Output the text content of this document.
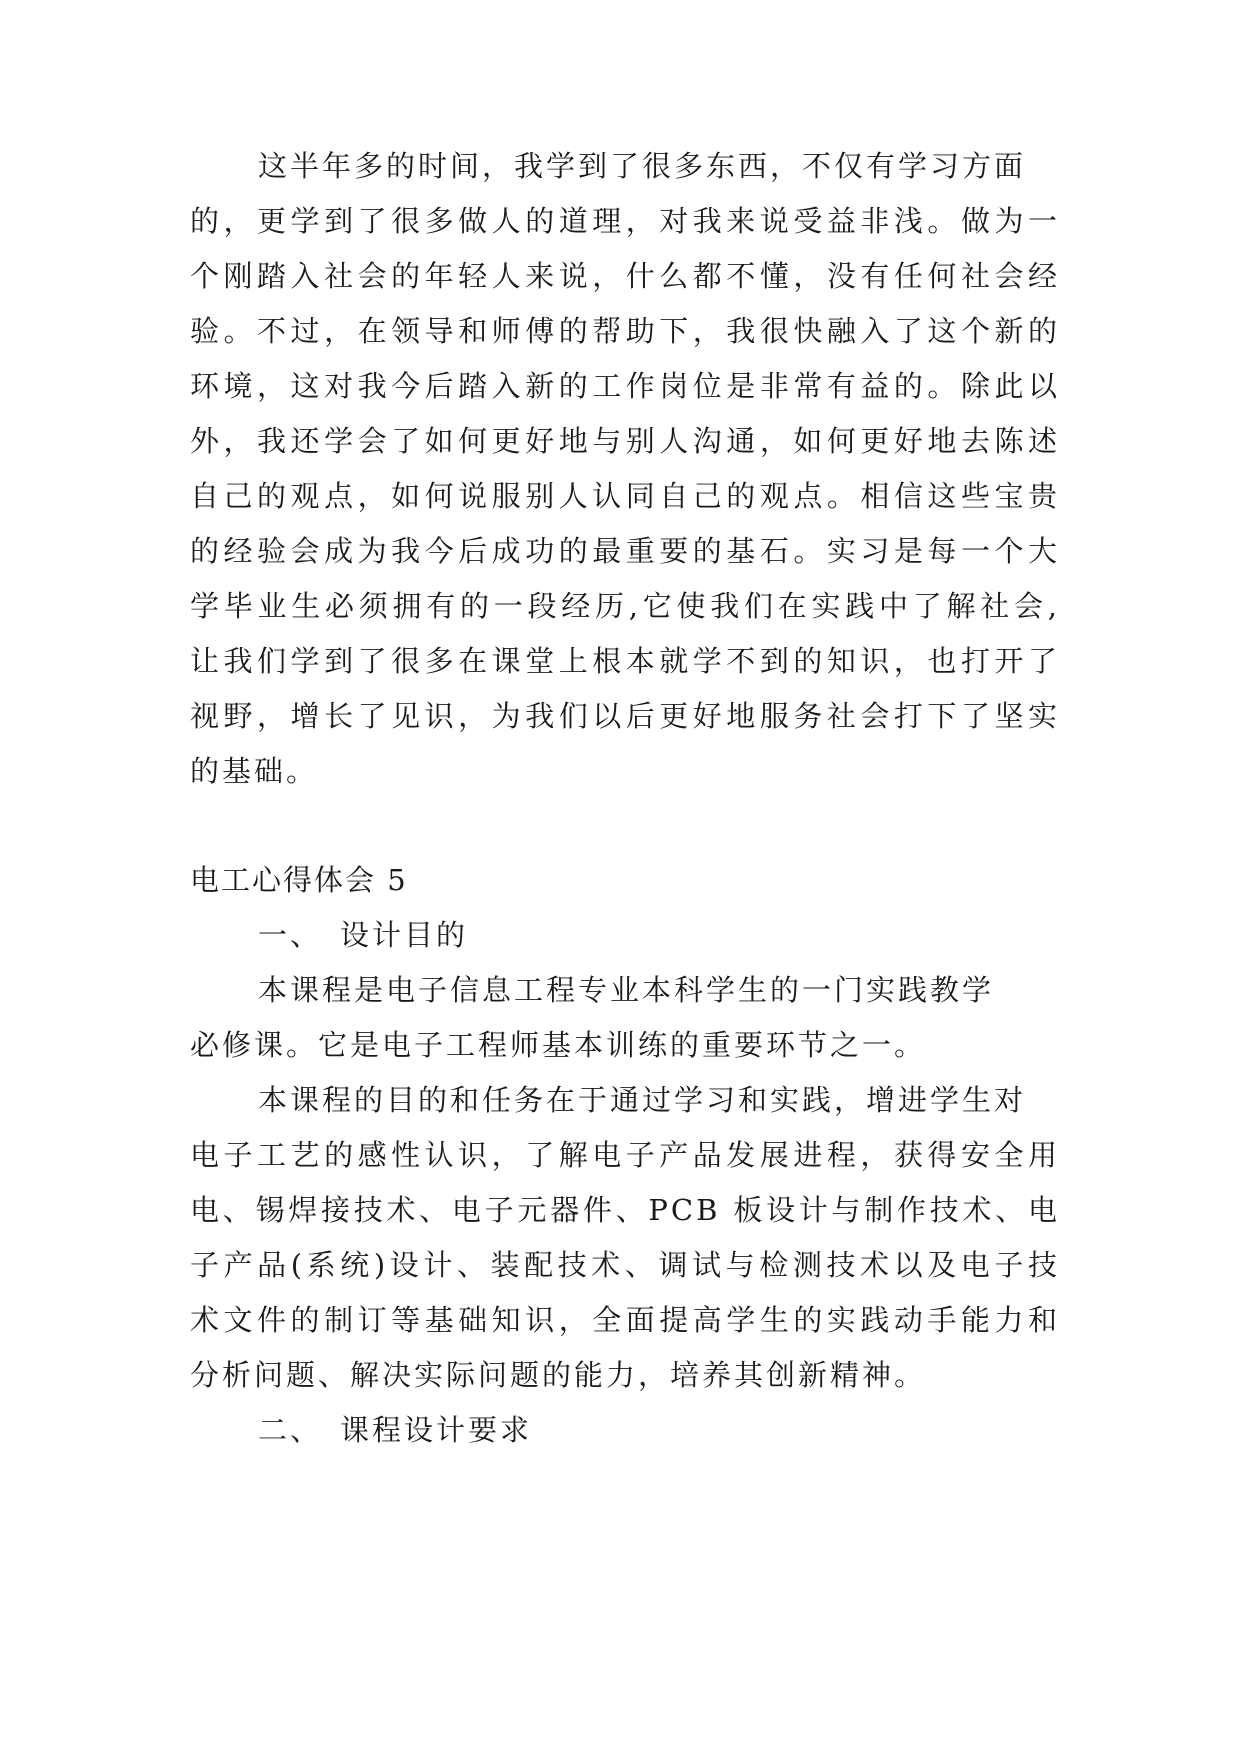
这半年多的时间，我学到了很多东西，不仅有学习方面
的，更学到了很多做人的道理，对我来说受益非浅。做为一
个刚踏入社会的年轻人来说，什么都不懂，没有任何社会经
验。不过，在领导和师傅的帮助下，我很快融入了这个新的
环境，这对我今后踏入新的工作岗位是非常有益的。除此以
外，我还学会了如何更好地与别人沟通，如何更好地去陈述
自己的观点，如何说服别人认同自己的观点。相信这些宝贵
的经验会成为我今后成功的最重要的基石。实习是每一个大
学毕业生必须拥有的一段经历,它使我们在实践中了解社会,
让我们学到了很多在课堂上根本就学不到的知识，也打开了
视野，增长了见识，为我们以后更好地服务社会打下了坚实
的基础。
电工心得体会 5
一、 设计目的
本课程是电子信息工程专业本科学生的一门实践教学
必修课。它是电子工程师基本训练的重要环节之一。
本课程的目的和任务在于通过学习和实践，增进学生对
电子工艺的感性认识，了解电子产品发展进程，获得安全用
电、锡焊接技术、电子元器件、PCB 板设计与制作技术、电
子产品(系统)设计、装配技术、调试与检测技术以及电子技
术文件的制订等基础知识，全面提高学生的实践动手能力和
分析问题、解决实际问题的能力，培养其创新精神。
二、 课程设计要求
